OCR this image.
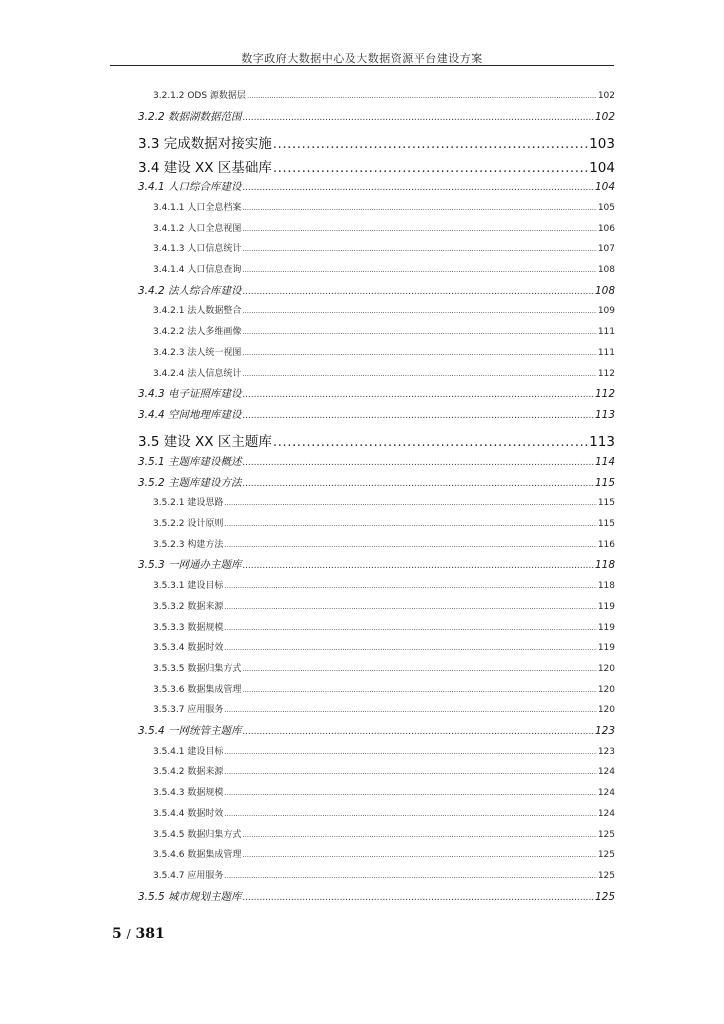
数字政府大数据中心及大数据资源平台建设方案
3.2.1.2 ODS 源数据层 .....	102
3.2.2 数据湖数据范围 .....	102
3.3 完成数据对接实施 .....	103
3.4 建设 XX 区基础库 .....	104
3.4.1 人口综合库建设 .....	104
3.4.1.1 人口全息档案 .....	105
3.4.1.2 人口全息视图 .....	106
3.4.1.3 人口信息统计 .....	107
3.4.1.4 人口信息查询 .....	108
3.4.2 法人综合库建设 .....	108
3.4.2.1 法人数据整合 .....	109
3.4.2.2 法人多维画像 .....	111
3.4.2.3 法人统一视图 .....	111
3.4.2.4 法人信息统计 .....	112
3.4.3 电子证照库建设 .....	112
3.4.4 空间地理库建设 .....	113
3.5 建设 XX 区主题库 .....	113
3.5.1 主题库建设概述 .....	114
3.5.2 主题库建设方法 .....	115
3.5.2.1 建设思路 .....	115
3.5.2.2 设计原则 .....	115
3.5.2.3 构建方法 .....	116
3.5.3 一网通办主题库 .....	118
3.5.3.1 建设目标 .....	118
3.5.3.2 数据来源 .....	119
3.5.3.3 数据规模 .....	119
3.5.3.4 数据时效 .....	119
3.5.3.5 数据归集方式 .....	120
3.5.3.6 数据集成管理 .....	120
3.5.3.7 应用服务 .....	120
3.5.4 一网统管主题库 .....	123
3.5.4.1 建设目标 .....	123
3.5.4.2 数据来源 .....	124
3.5.4.3 数据规模 .....	124
3.5.4.4 数据时效 .....	124
3.5.4.5 数据归集方式 .....	125
3.5.4.6 数据集成管理 .....	125
3.5.4.7 应用服务 .....	125
3.5.5 城市规划主题库 .....	125
5 / 381
